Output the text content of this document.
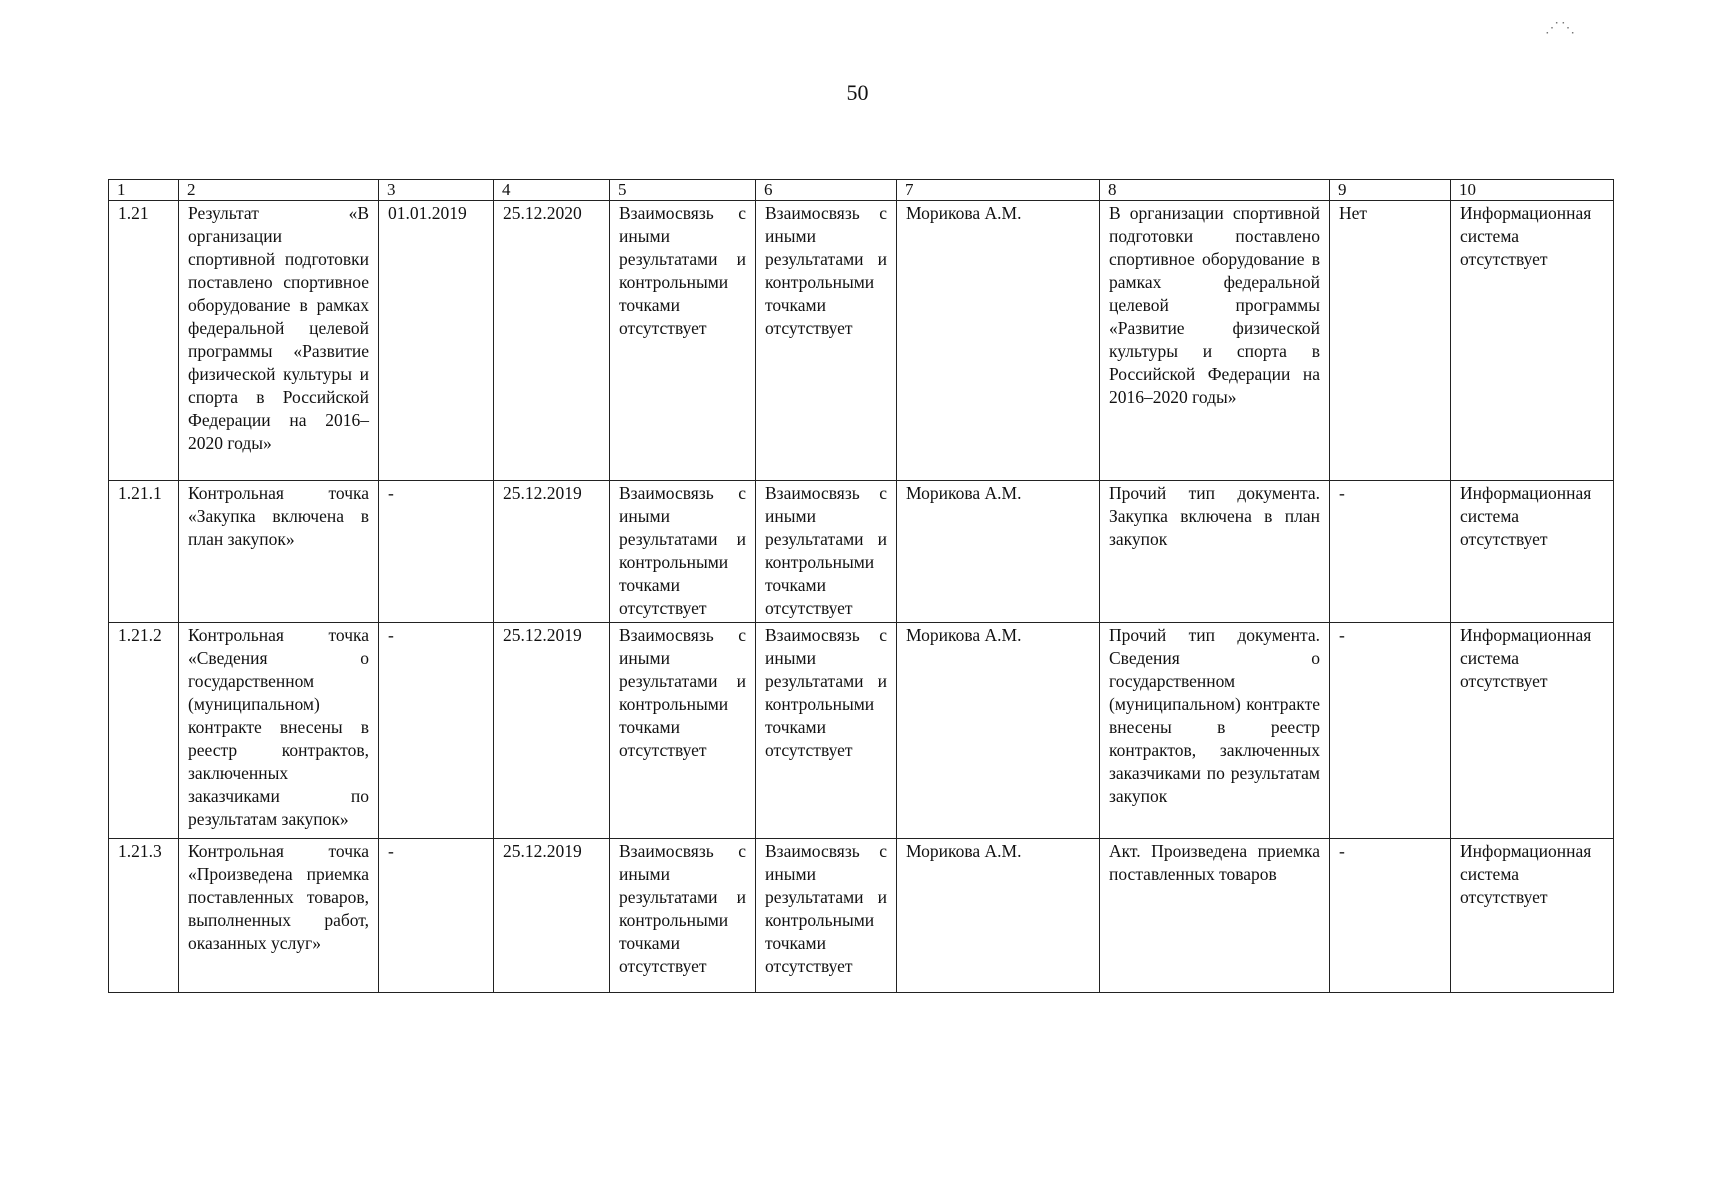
50
⋰⋱
1	2	3	4	5	6	7	8	9	10
1.21	Результат «В организации спортивной подготовки поставлено спортивное оборудование в рамках федеральной целевой программы «Развитие физической культуры и спорта в Российской Федерации на 2016–2020 годы»	01.01.2019	25.12.2020	Взаимосвязь с иными результатами и контрольными точками отсутствует	Взаимосвязь с иными результатами и контрольными точками отсутствует	Морикова А.М.	В организации спортивной подготовки поставлено спортивное оборудование в рамках федеральной целевой программы «Развитие физической культуры и спорта в Российской Федерации на 2016–2020 годы»	Нет	Информационная система отсутствует
1.21.1	Контрольная точка «Закупка включена в план закупок»	-	25.12.2019	Взаимосвязь с иными результатами и контрольными точками отсутствует	Взаимосвязь с иными результатами и контрольными точками отсутствует	Морикова А.М.	Прочий тип документа. Закупка включена в план закупок	-	Информационная система отсутствует
1.21.2	Контрольная точка «Сведения о государственном (муниципальном) контракте внесены в реестр контрактов, заключенных заказчиками по результатам закупок»	-	25.12.2019	Взаимосвязь с иными результатами и контрольными точками отсутствует	Взаимосвязь с иными результатами и контрольными точками отсутствует	Морикова А.М.	Прочий тип документа. Сведения о государственном (муниципальном) контракте внесены в реестр контрактов, заключенных заказчиками по результатам закупок	-	Информационная система отсутствует
1.21.3	Контрольная точка «Произведена приемка поставленных товаров, выполненных работ, оказанных услуг»	-	25.12.2019	Взаимосвязь с иными результатами и контрольными точками отсутствует	Взаимосвязь с иными результатами и контрольными точками отсутствует	Морикова А.М.	Акт. Произведена приемка поставленных товаров	-	Информационная система отсутствует
